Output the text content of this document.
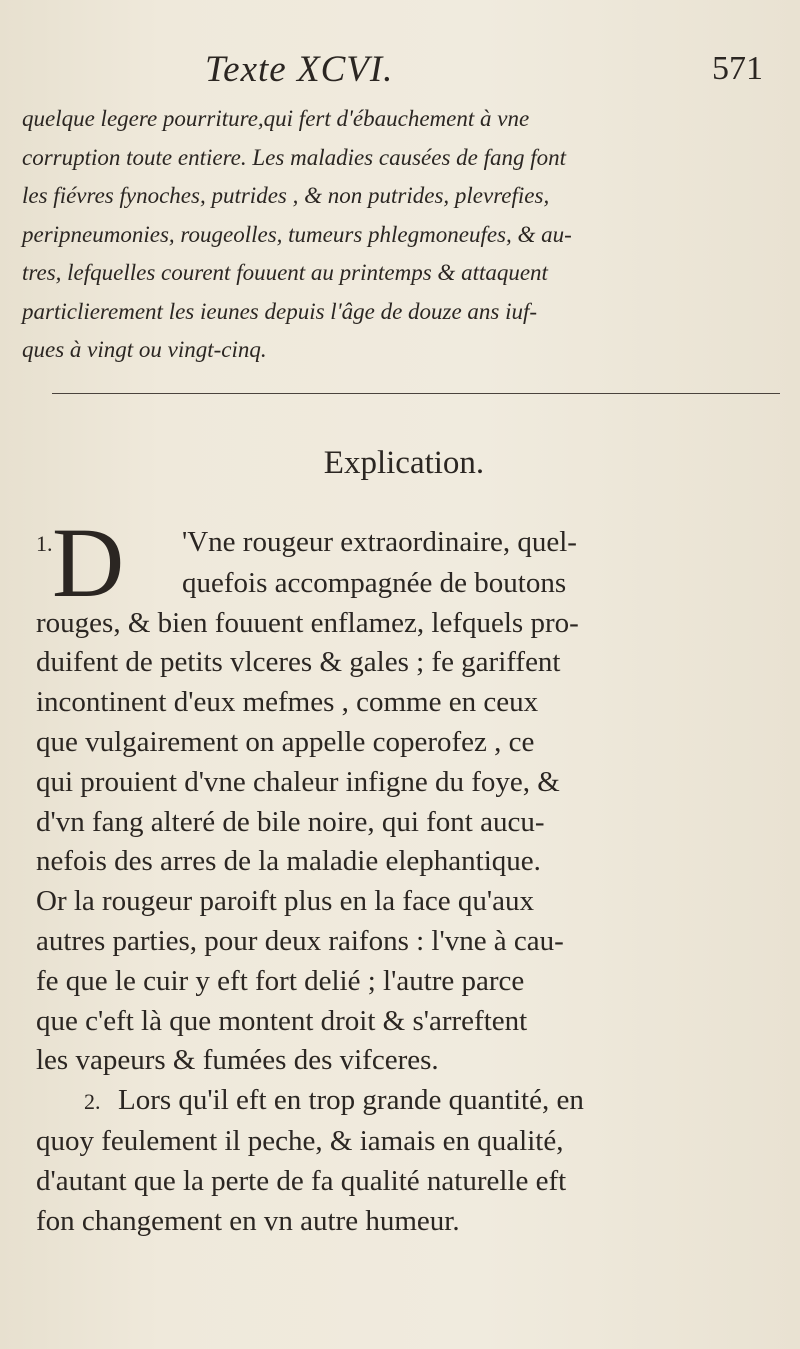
Texte XCVI.	571
quelque legere pourriture,qui fert d'ébauchement à vne
corruption toute entiere. Les maladies causées de fang font
les fiévres fynoches, putrides , & non putrides, plevrefies,
peripneumonies, rougeolles, tumeurs phlegmoneufes, & au-
tres, lefquelles courent fouuent au printemps & attaquent
particlierement les ieunes depuis l'âge de douze ans iuf-
ques à vingt ou vingt-cinq.
Explication.
D
1.	'Vne rougeur extraordinaire, quel-
quefois accompagnée de boutons
rouges, & bien fouuent enflamez, lefquels pro-
duifent de petits vlceres & gales ; fe gariffent
incontinent d'eux mefmes , comme en ceux
que vulgairement on appelle coperofez , ce
qui prouient d'vne chaleur infigne du foye, &
d'vn fang alteré de bile noire, qui font aucu-
nefois des arres de la maladie elephantique.
Or la rougeur paroift plus en la face qu'aux
autres parties, pour deux raifons : l'vne à cau-
fe que le cuir y eft fort delié ; l'autre parce
que c'eft là que montent droit & s'arreftent
les vapeurs & fumées des vifceres.
2. Lors qu'il eft en trop grande quantité, en
quoy feulement il peche, & iamais en qualité,
d'autant que la perte de fa qualité naturelle eft
fon changement en vn autre humeur.
